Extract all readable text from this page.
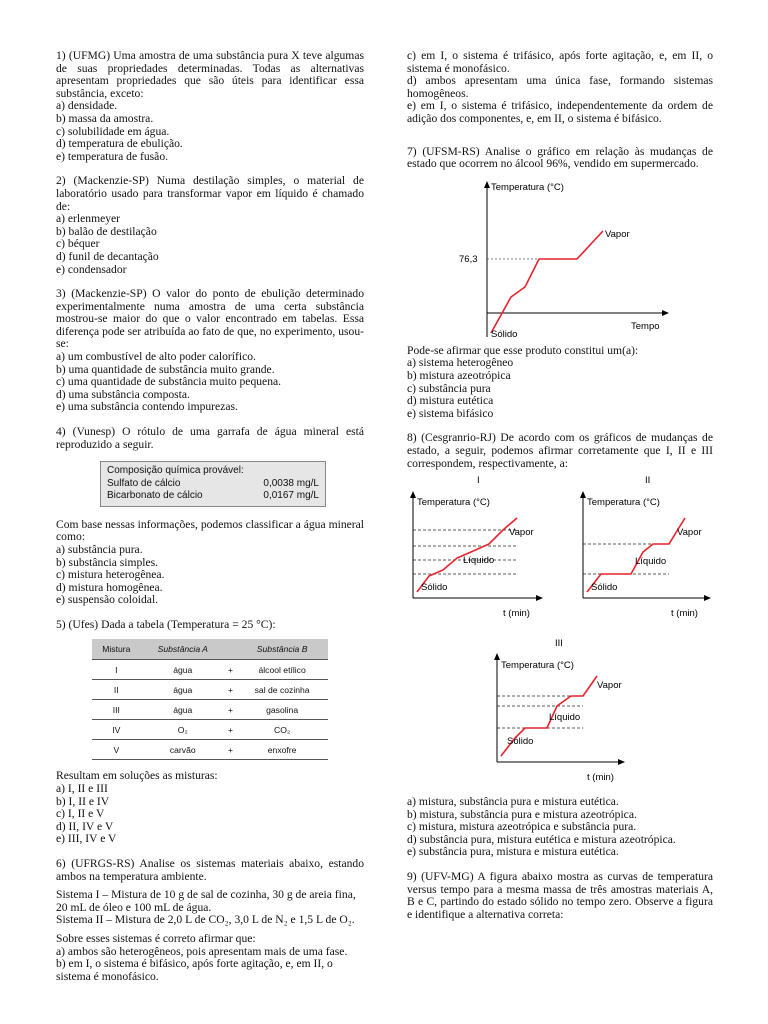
1) (UFMG) Uma amostra de uma substância pura X teve algumas de suas propriedades determinadas. Todas as alternativas apresentam propriedades que são úteis para identificar essa substância, exceto:

a) densidade.

b) massa da amostra.

c) solubilidade em água.

d) temperatura de ebulição.

e) temperatura de fusão.

2) (Mackenzie-SP) Numa destilação simples, o material de laboratório usado para transformar vapor em líquido é chamado de:

a) erlenmeyer

b) balão de destilação

c) béquer

d) funil de decantação

e) condensador

3) (Mackenzie-SP) O valor do ponto de ebulição determinado experimentalmente numa amostra de uma certa substância mostrou-se maior do que o valor encontrado em tabelas. Essa diferença pode ser atribuída ao fato de que, no experimento, usou-se:

a) um combustível de alto poder calorífico.

b) uma quantidade de substância muito grande.

c) uma quantidade de substância muito pequena.

d) uma substância composta.

e) uma substância contendo impurezas.

4) (Vunesp) O rótulo de uma garrafa de água mineral está reproduzido a seguir.

Composição química provável:
Sulfato de cálcio	0,0038 mg/L
Bicarbonato de cálcio	0,0167 mg/L

Com base nessas informações, podemos classificar a água mineral como:

a) substância pura.

b) substância simples.

c) mistura heterogênea.

d) mistura homogênea.

e) suspensão coloidal.

5) (Ufes) Dada a tabela (Temperatura = 25 °C):

Mistura	Substância A		Substância B
I	água	+	álcool etílico
II	água	+	sal de cozinha
III	água	+	gasolina
IV	O₂	+	CO₂
V	carvão	+	enxofre

Resultam em soluções as misturas:

a) I, II e III

b) I, II e IV

c) I, II e V

d) II, IV e V

e) III, IV e V

6) (UFRGS-RS) Analise os sistemas materiais abaixo, estando ambos na temperatura ambiente.

Sistema I – Mistura de 10 g de sal de cozinha, 30 g de areia fina, 20 mL de óleo e 100 mL de água.

Sistema II – Mistura de 2,0 L de CO₂, 3,0 L de N₂ e 1,5 L de O₂.

Sobre esses sistemas é correto afirmar que:

a) ambos são heterogêneos, pois apresentam mais de uma fase.

b) em I, o sistema é bifásico, após forte agitação, e, em II, o sistema é monofásico.

c) em I, o sistema é trifásico, após forte agitação, e, em II, o sistema é monofásico.

d) ambos apresentam uma única fase, formando sistemas homogêneos.

e) em I, o sistema é trifásico, independentemente da ordem de adição dos componentes, e, em II, o sistema é bifásico.

7) (UFSM-RS) Analise o gráfico em relação às mudanças de estado que ocorrem no álcool 96%, vendido em supermercado.

Temperatura (°C)
76,3
Vapor
Sólido
Tempo

Pode-se afirmar que esse produto constitui um(a):

a) sistema heterogêneo

b) mistura azeotrópica

c) substância pura

d) mistura eutética

e) sistema bifásico

8) (Cesgranrio-RJ) De acordo com os gráficos de mudanças de estado, a seguir, podemos afirmar corretamente que I, II e III correspondem, respectivamente, a:

I
Temperatura (°C)
Vapor
Líquido
Sólido
t (min)
II
Temperatura (°C)
Vapor
Líquido
Sólido
t (min)
III
Temperatura (°C)
Vapor
Líquido
Sólido
t (min)

a) mistura, substância pura e mistura eutética.

b) mistura, substância pura e mistura azeotrópica.

c) mistura, mistura azeotrópica e substância pura.

d) substância pura, mistura eutética e mistura azeotrópica.

e) substância pura, mistura e mistura eutética.

9) (UFV-MG) A figura abaixo mostra as curvas de temperatura versus tempo para a mesma massa de três amostras materiais A, B e C, partindo do estado sólido no tempo zero. Observe a figura e identifique a alternativa correta:
